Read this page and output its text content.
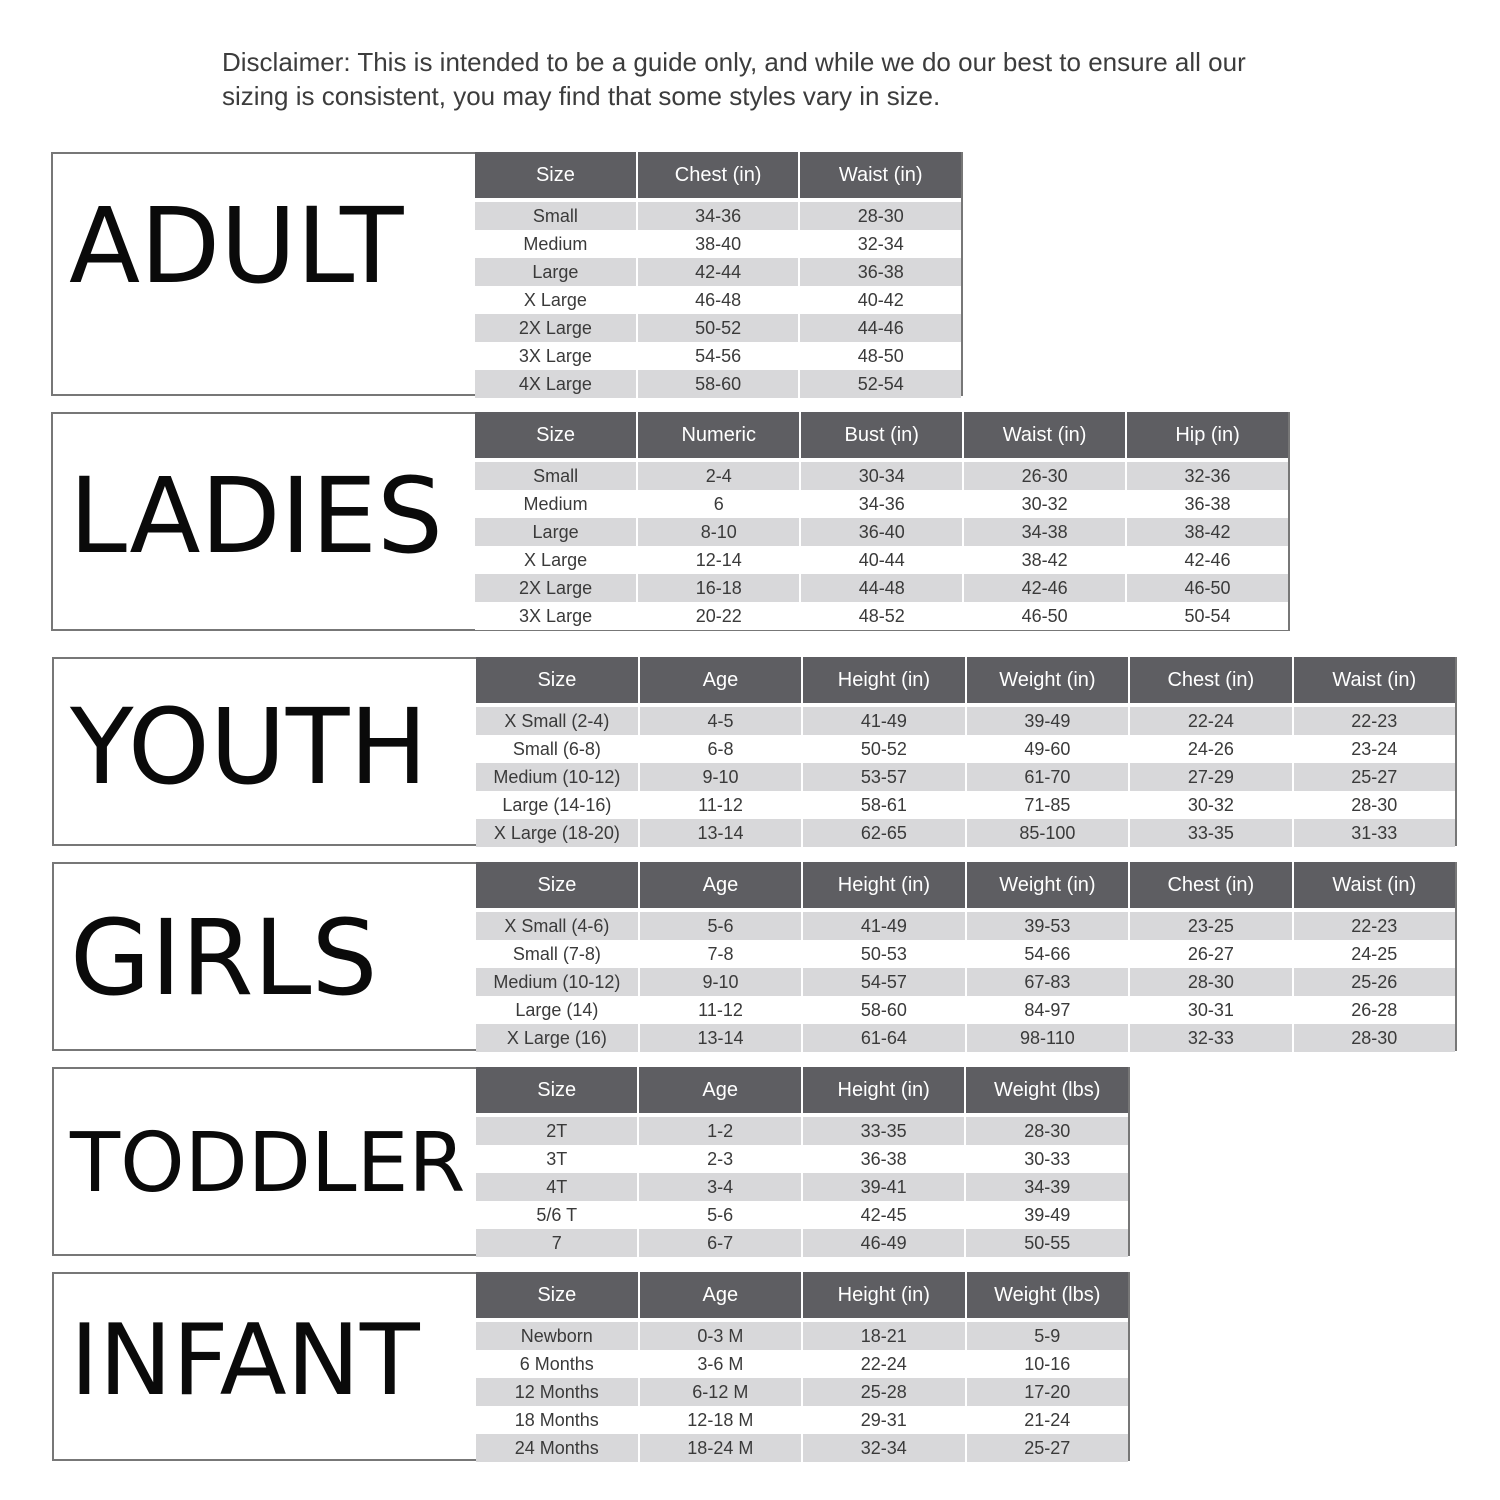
Disclaimer: This is intended to be a guide only, and while we do our best to ensure all our

sizing is consistent, you may find that some styles vary in size.

ADULT
Size	Chest (in)	Waist (in)
Small	34-36	28-30
Medium	38-40	32-34
Large	42-44	36-38
X Large	46-48	40-42
2X Large	50-52	44-46
3X Large	54-56	48-50
4X Large	58-60	52-54
LADIES
Size	Numeric	Bust (in)	Waist (in)	Hip (in)
Small	2-4	30-34	26-30	32-36
Medium	6	34-36	30-32	36-38
Large	8-10	36-40	34-38	38-42
X Large	12-14	40-44	38-42	42-46
2X Large	16-18	44-48	42-46	46-50
3X Large	20-22	48-52	46-50	50-54
YOUTH
Size	Age	Height (in)	Weight (in)	Chest (in)	Waist (in)
X Small (2-4)	4-5	41-49	39-49	22-24	22-23
Small (6-8)	6-8	50-52	49-60	24-26	23-24
Medium (10-12)	9-10	53-57	61-70	27-29	25-27
Large (14-16)	11-12	58-61	71-85	30-32	28-30
X Large (18-20)	13-14	62-65	85-100	33-35	31-33
GIRLS
Size	Age	Height (in)	Weight (in)	Chest (in)	Waist (in)
X Small (4-6)	5-6	41-49	39-53	23-25	22-23
Small (7-8)	7-8	50-53	54-66	26-27	24-25
Medium (10-12)	9-10	54-57	67-83	28-30	25-26
Large (14)	11-12	58-60	84-97	30-31	26-28
X Large (16)	13-14	61-64	98-110	32-33	28-30
TODDLER
Size	Age	Height (in)	Weight (lbs)
2T	1-2	33-35	28-30
3T	2-3	36-38	30-33
4T	3-4	39-41	34-39
5/6 T	5-6	42-45	39-49
7	6-7	46-49	50-55
INFANT
Size	Age	Height (in)	Weight (lbs)
Newborn	0-3 M	18-21	5-9
6 Months	3-6 M	22-24	10-16
12 Months	6-12 M	25-28	17-20
18 Months	12-18 M	29-31	21-24
24 Months	18-24 M	32-34	25-27
